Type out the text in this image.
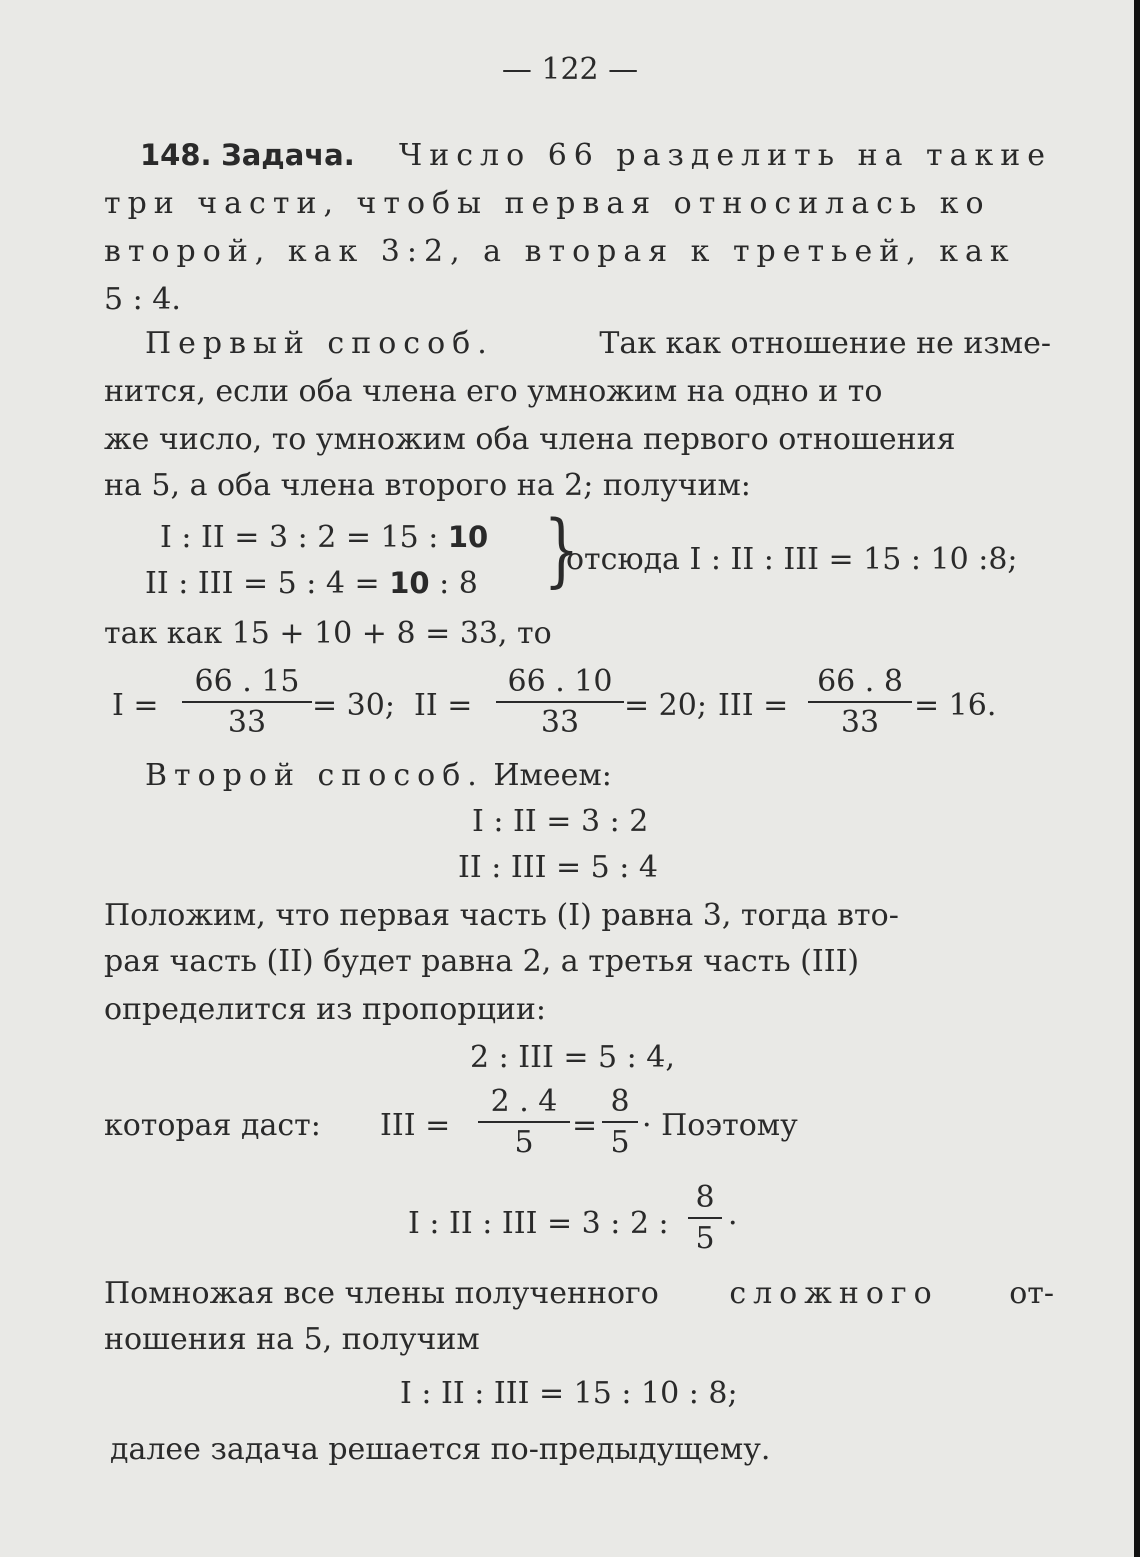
— 122 —
148. Задача. Число 66 разделить на такие
три части, чтобы первая относилась ко
второй, как 3:2, а вторая к третьей, как
5 : 4.
Первый способ.	Так как отношение не изме-
нится, если оба члена его умножим на одно и то
же число, то умножим оба члена первого отношения
на 5, а оба члена второго на 2; получим:
I : II = 3 : 2 = 15 : 10
II : III = 5 : 4 = 10 : 8 }
отсюда I : II : III = 15 : 10 :8;
так как 15 + 10 + 8 = 33, то
I =
66 . 15
33	= 30; II =
66 . 10
33	= 20; III =
66 . 8
33	= 16.
Второй способ. Имеем:
I : II = 3 : 2
II : III = 5 : 4
Положим, что первая часть (I) равна 3, тогда вто-
рая часть (II) будет равна 2, а третья часть (III)
определится из пропорции:
2 : III = 5 : 4,
которая даст: III =
2 . 4
5	=
8
5 · Поэтому
I : II : III = 3 : 2 :
8
5 ·
Помножая все члены полученного сложного от-
ношения на 5, получим
I : II : III = 15 : 10 : 8;
далее задача решается по-предыдущему.
